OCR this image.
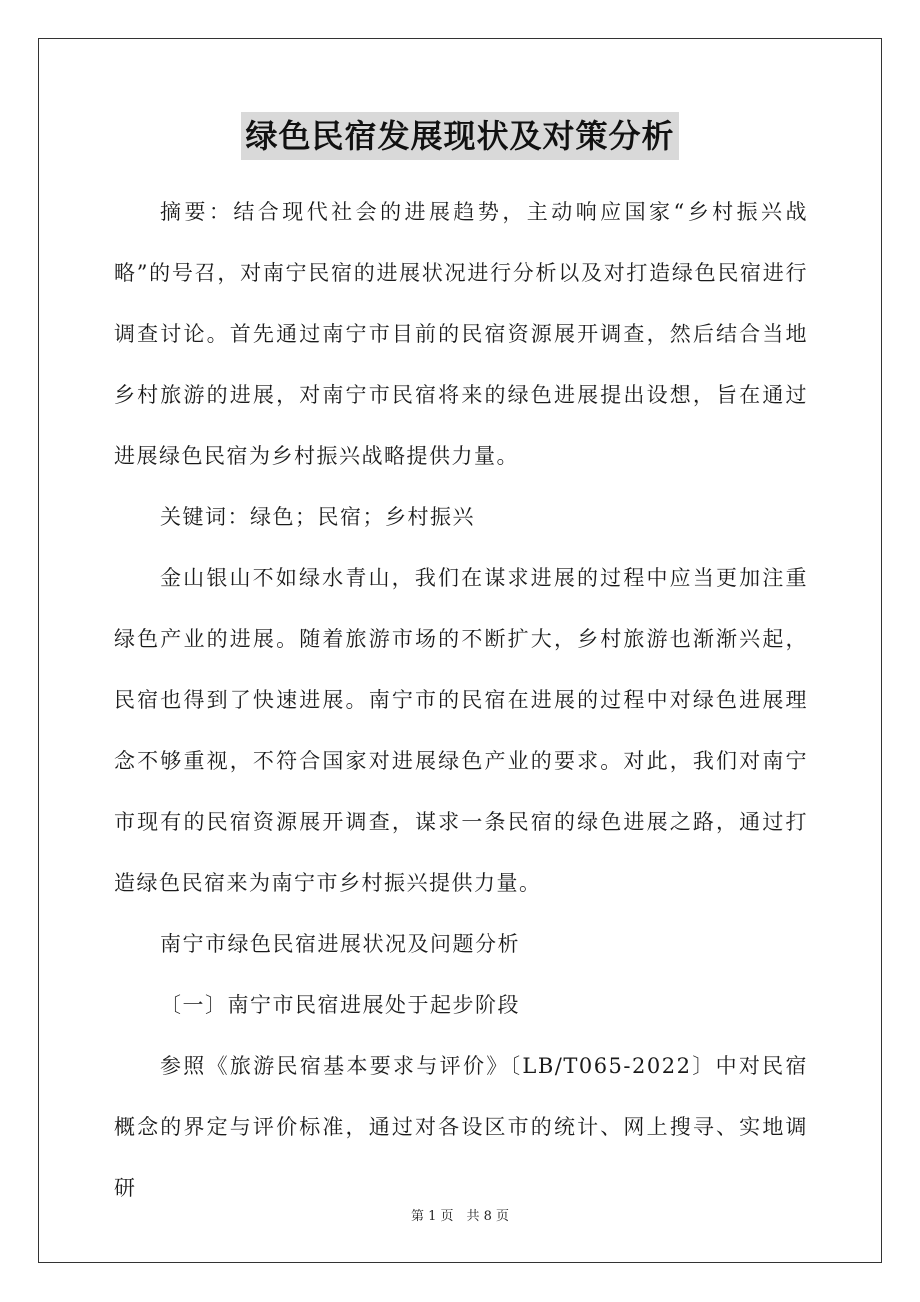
绿色民宿发展现状及对策分析

摘要：结合现代社会的进展趋势，主动响应国家“乡村振兴战略”的号召，对南宁民宿的进展状况进行分析以及对打造绿色民宿进行调查讨论。首先通过南宁市目前的民宿资源展开调查，然后结合当地乡村旅游的进展，对南宁市民宿将来的绿色进展提出设想，旨在通过进展绿色民宿为乡村振兴战略提供力量。

关键词：绿色；民宿；乡村振兴

金山银山不如绿水青山，我们在谋求进展的过程中应当更加注重绿色产业的进展。随着旅游市场的不断扩大，乡村旅游也渐渐兴起，民宿也得到了快速进展。南宁市的民宿在进展的过程中对绿色进展理念不够重视，不符合国家对进展绿色产业的要求。对此，我们对南宁市现有的民宿资源展开调查，谋求一条民宿的绿色进展之路，通过打造绿色民宿来为南宁市乡村振兴提供力量。

南宁市绿色民宿进展状况及问题分析

〔一〕南宁市民宿进展处于起步阶段

参照《旅游民宿基本要求与评价》〔LB/T065-2022〕中对民宿概念的界定与评价标准，通过对各设区市的统计、网上搜寻、实地调研

第 1 页　共 8 页
